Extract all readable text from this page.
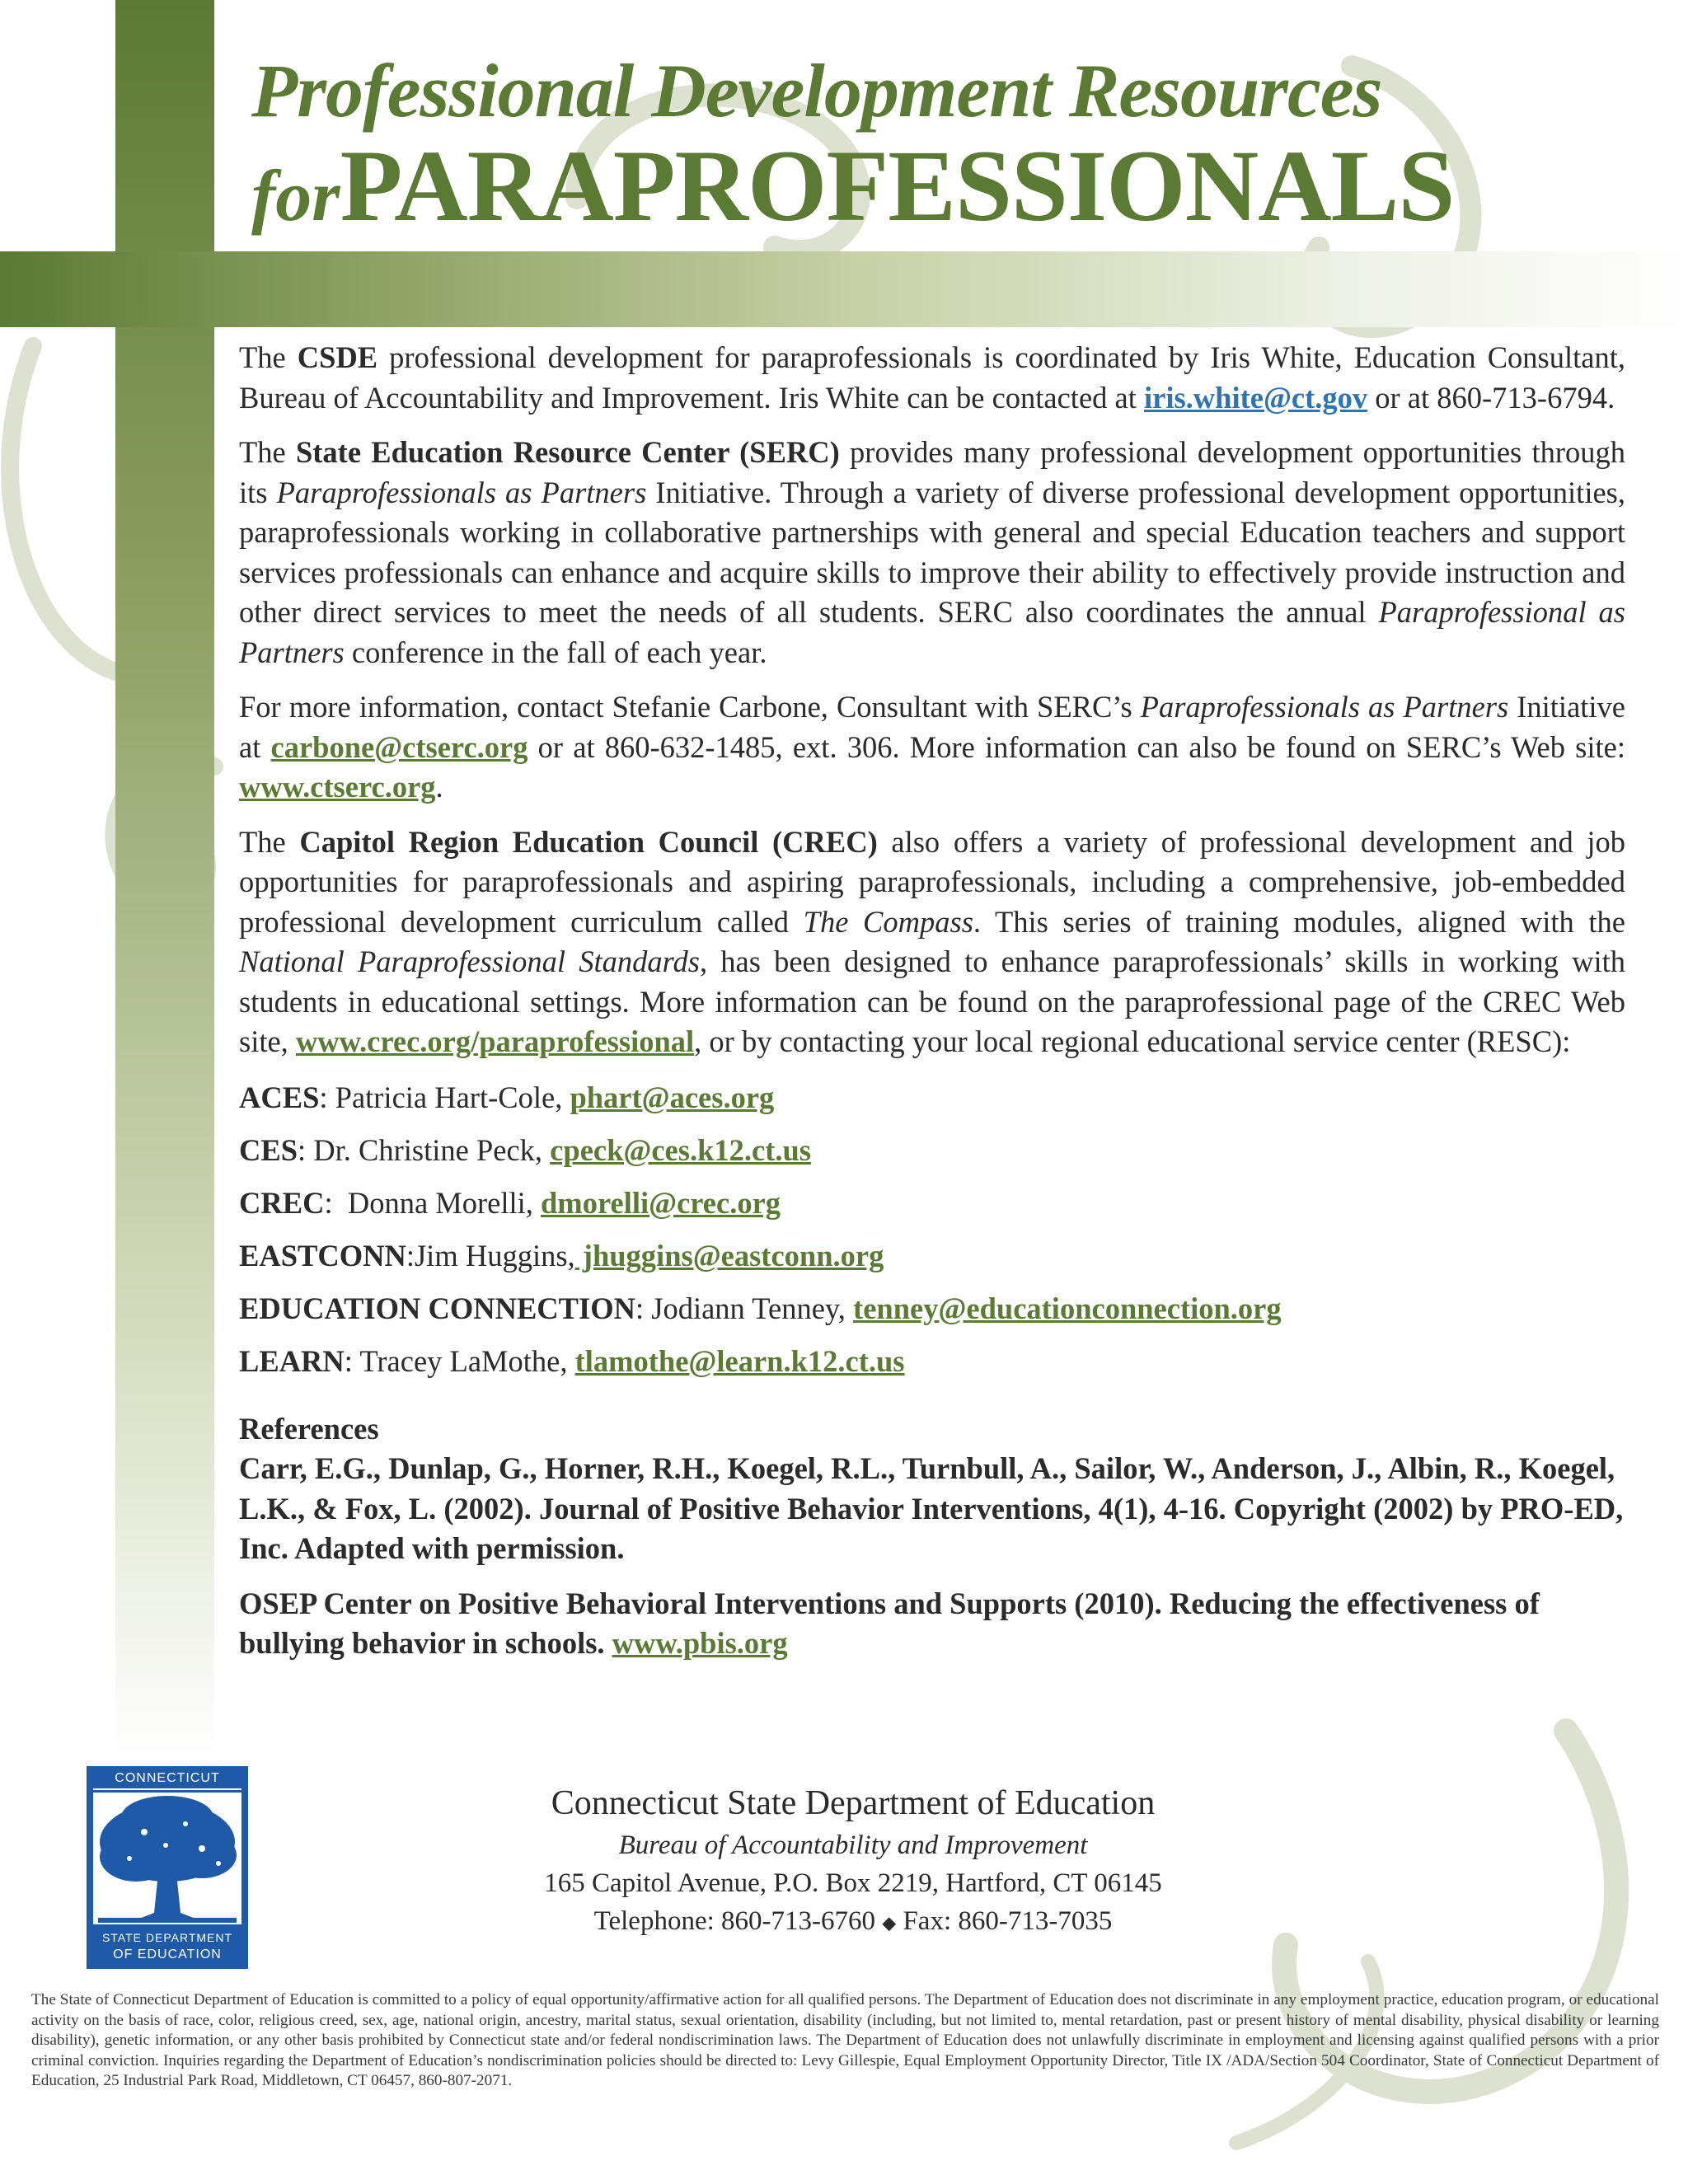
Professional Development Resources
forPARAPROFESSIONALS

The CSDE professional development for paraprofessionals is coordinated by Iris White, Education Consultant, Bureau of Accountability and Improvement. Iris White can be contacted at iris.white@ct.gov or at 860-713-6794.

The State Education Resource Center (SERC) provides many professional development opportunities through its Paraprofessionals as Partners Initiative. Through a variety of diverse professional development opportunities, paraprofessionals working in collaborative partnerships with general and special Education teachers and support services professionals can enhance and acquire skills to improve their ability to effectively provide instruction and other direct services to meet the needs of all students. SERC also coordinates the annual Paraprofessional as Partners conference in the fall of each year.

For more information, contact Stefanie Carbone, Consultant with SERC’s Paraprofessionals as Partners Initiative at carbone@ctserc.org or at 860-632-1485, ext. 306. More information can also be found on SERC’s Web site: www.ctserc.org.

The Capitol Region Education Council (CREC) also offers a variety of professional development and job opportunities for paraprofessionals and aspiring paraprofessionals, including a comprehensive, job-embedded professional development curriculum called The Compass. This series of training modules, aligned with the National Paraprofessional Standards, has been designed to enhance paraprofessionals’ skills in working with students in educational settings. More information can be found on the paraprofessional page of the CREC Web site, www.crec.org/paraprofessional, or by contacting your local regional educational service center (RESC):

ACES: Patricia Hart-Cole, phart@aces.org
CES: Dr. Christine Peck, cpeck@ces.k12.ct.us
CREC:  Donna Morelli, dmorelli@crec.org
EASTCONN:Jim Huggins, jhuggins@eastconn.org
EDUCATION CONNECTION: Jodiann Tenney, tenney@educationconnection.org
LEARN: Tracey LaMothe, tlamothe@learn.k12.ct.us
References

Carr, E.G., Dunlap, G., Horner, R.H., Koegel, R.L., Turnbull, A., Sailor, W., Anderson, J., Albin, R., Koegel, L.K., & Fox, L. (2002). Journal of Positive Behavior Interventions, 4(1), 4-16. Copyright (2002) by PRO-ED, Inc. Adapted with permission.

OSEP Center on Positive Behavioral Interventions and Supports (2010). Reducing the effectiveness of bullying behavior in schools. www.pbis.org

CONNECTICUT
STATE DEPARTMENT
OF EDUCATION
Connecticut State Department of Education
Bureau of Accountability and Improvement
165 Capitol Avenue, P.O. Box 2219, Hartford, CT 06145
Telephone: 860-713-6760 ◆ Fax: 860-713-7035
The State of Connecticut Department of Education is committed to a policy of equal opportunity/affirmative action for all qualified persons. The Department of Education does not discriminate in any employment practice, education program, or educational activity on the basis of race, color, religious creed, sex, age, national origin, ancestry, marital status, sexual orientation, disability (including, but not limited to, mental retardation, past or present history of mental disability, physical disability or learning disability), genetic information, or any other basis prohibited by Connecticut state and/or federal nondiscrimination laws. The Department of Education does not unlawfully discriminate in employment and licensing against qualified persons with a prior criminal conviction. Inquiries regarding the Department of Education’s nondiscrimination policies should be directed to: Levy Gillespie, Equal Employment Opportunity Director, Title IX /ADA/Section 504 Coordinator, State of Connecticut Department of Education, 25 Industrial Park Road, Middletown, CT 06457, 860-807-2071.
